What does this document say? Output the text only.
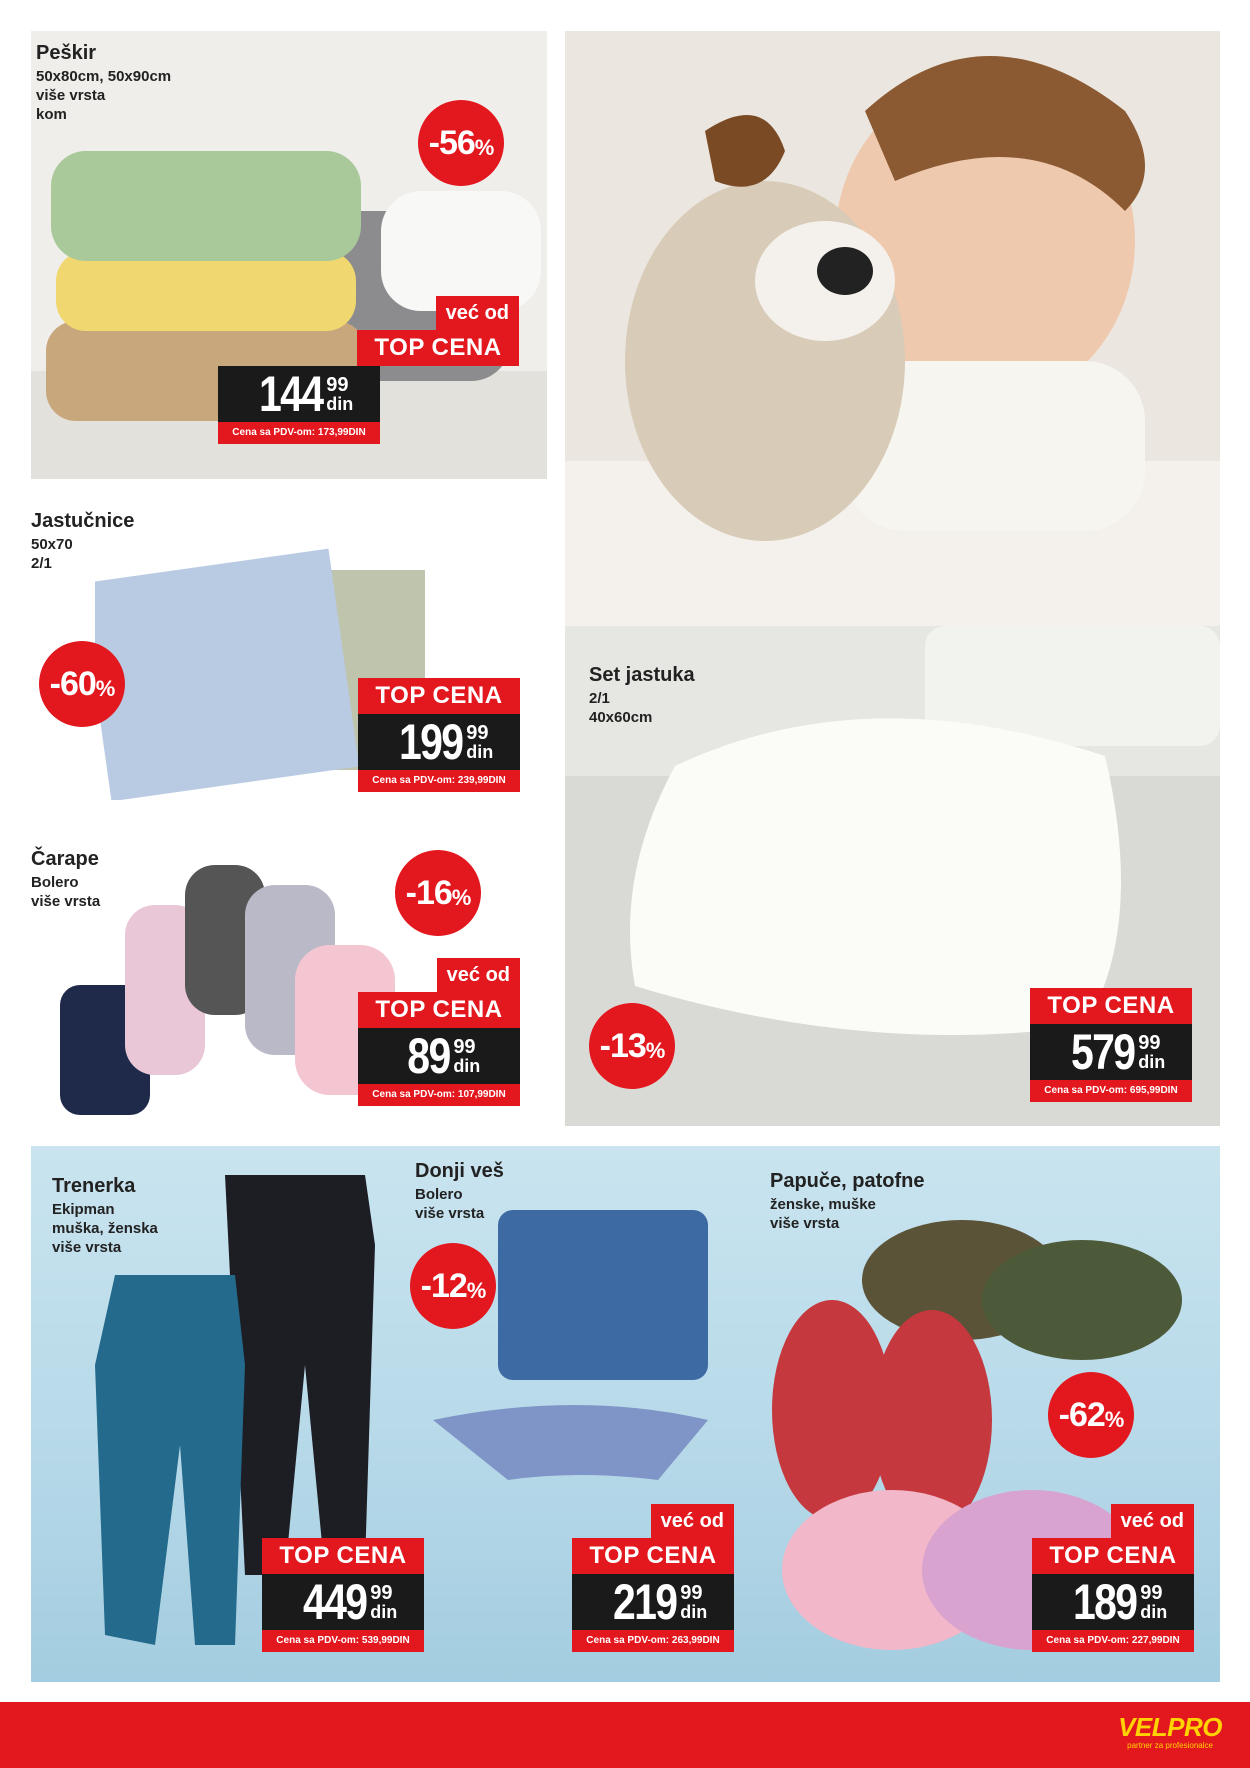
Peškir
50x80cm, 50x90cm
više vrsta
kom
-56 %
već od
TOP CENA
144 99
din
Cena sa PDV-om: 173,99DIN
Jastučnice
50x70
2/1
-60 %	TOP CENA
199 99
din
Cena sa PDV-om: 239,99DIN
Set jastuka
2/1
40x60cm
-13 %
TOP CENA
579 99
din
Cena sa PDV-om: 695,99DIN
Čarape
Bolero
više vrsta	-16 %
već od
TOP CENA
89 99
din
Cena sa PDV-om: 107,99DIN
Trenerka
Ekipman
muška, ženska
više vrsta
TOP CENA
449 99
din
Cena sa PDV-om: 539,99DIN
Donji veš
Bolero
više vrsta
-12 %
već od
TOP CENA
219 99
din
Cena sa PDV-om: 263,99DIN
Papuče, patofne
ženske, muške
više vrsta
-62 %
već od
TOP CENA
189 99
din
Cena sa PDV-om: 227,99DIN
VELPRO
partner za profesionalce
